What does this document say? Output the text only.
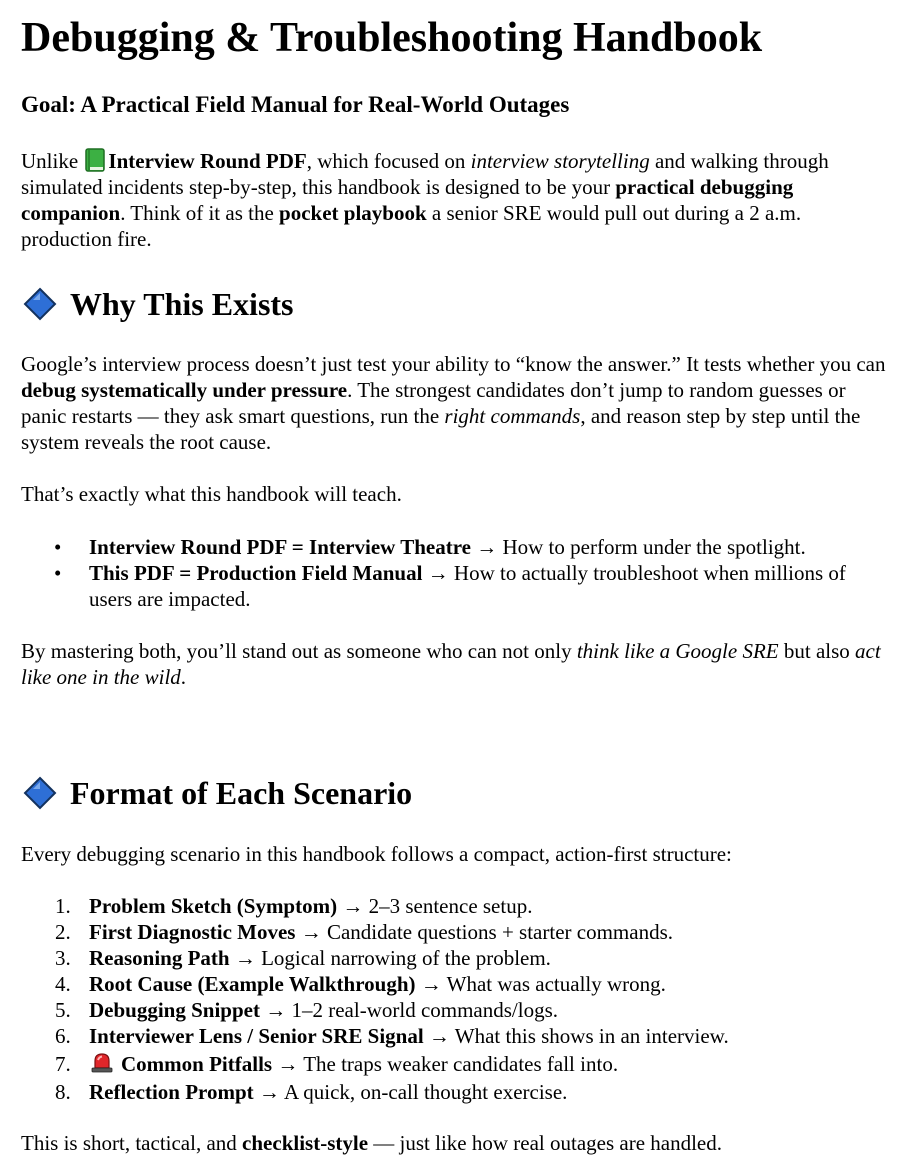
Debugging & Troubleshooting Handbook

Goal: A Practical Field Manual for Real-World Outages

Unlike Interview Round PDF, which focused on interview storytelling and walking through simulated incidents step-by-step, this handbook is designed to be your practical debugging companion. Think of it as the pocket playbook a senior SRE would pull out during a 2 a.m. production fire.

Why This Exists

Google’s interview process doesn’t just test your ability to “know the answer.” It tests whether you can debug systematically under pressure. The strongest candidates don’t jump to random guesses or panic restarts — they ask smart questions, run the right commands, and reason step by step until the system reveals the root cause.

That’s exactly what this handbook will teach.

• Interview Round PDF = Interview Theatre → How to perform under the spotlight.
• This PDF = Production Field Manual → How to actually troubleshoot when millions of users are impacted.

By mastering both, you’ll stand out as someone who can not only think like a Google SRE but also act like one in the wild.

Format of Each Scenario

Every debugging scenario in this handbook follows a compact, action-first structure:

1. Problem Sketch (Symptom) → 2–3 sentence setup.
2. First Diagnostic Moves → Candidate questions + starter commands.
3. Reasoning Path → Logical narrowing of the problem.
4. Root Cause (Example Walkthrough) → What was actually wrong.
5. Debugging Snippet → 1–2 real-world commands/logs.
6. Interviewer Lens / Senior SRE Signal → What this shows in an interview.
7. Common Pitfalls → The traps weaker candidates fall into.
8. Reflection Prompt → A quick, on-call thought exercise.

This is short, tactical, and checklist-style — just like how real outages are handled.
